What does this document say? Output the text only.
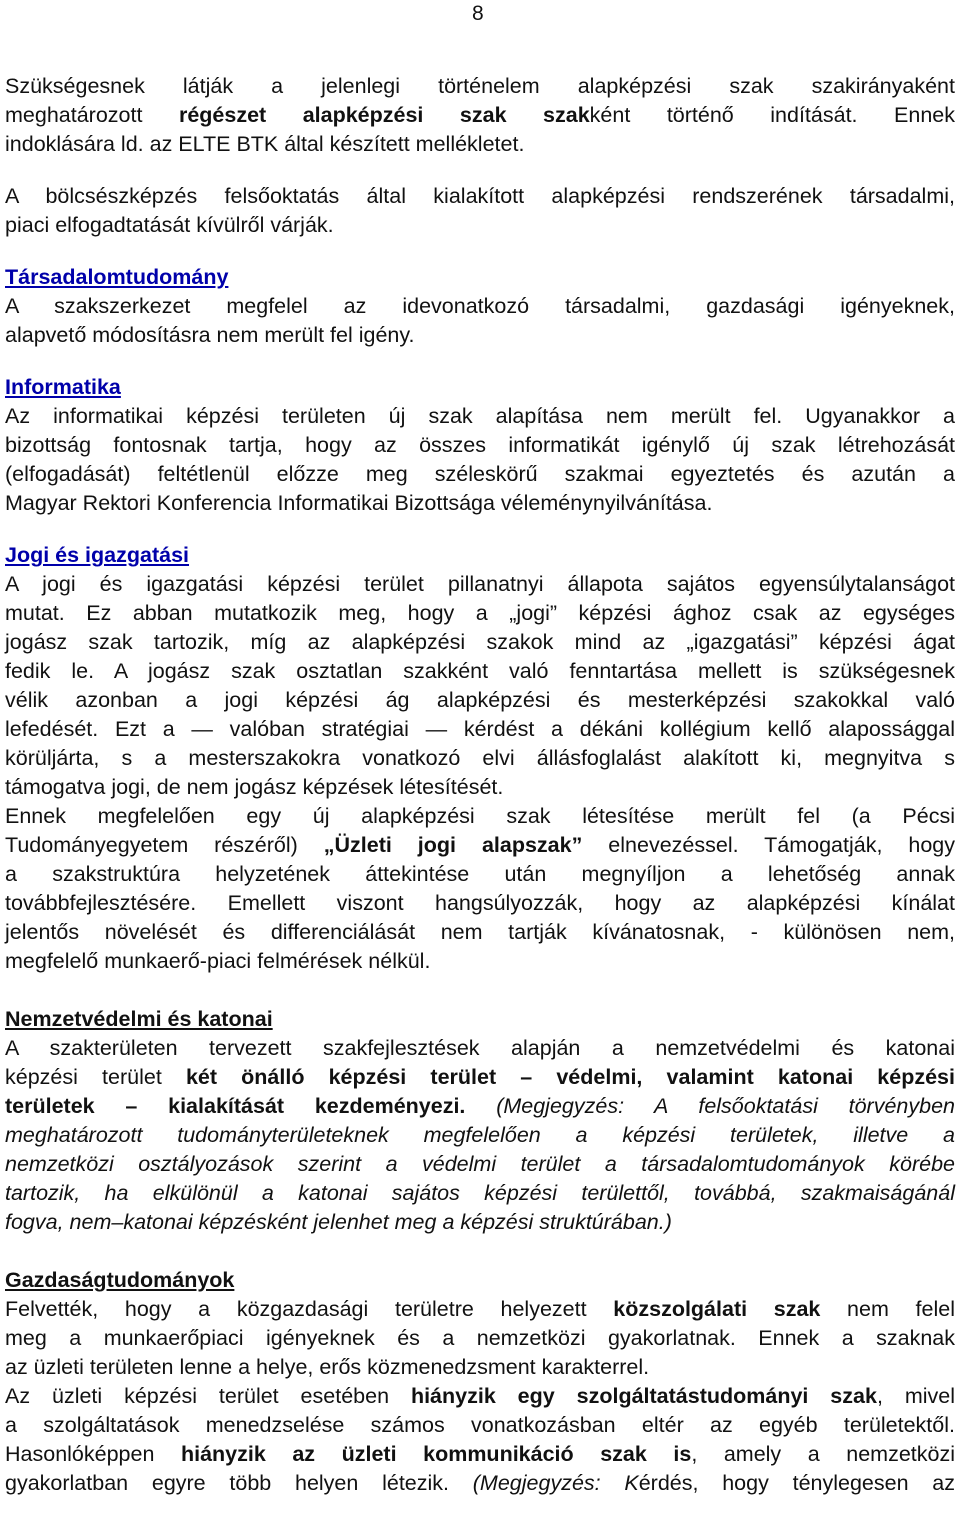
8

Szükségesnek látják a jelenlegi történelem alapképzési szak szakirányaként

meghatározott régészet alapképzési szak szakként történő indítását. Ennek

indoklására ld. az ELTE BTK által készített mellékletet.

A bölcsészképzés felsőoktatás által kialakított alapképzési rendszerének társadalmi,

piaci elfogadtatását kívülről várják.

Társadalomtudomány

A szakszerkezet megfelel az idevonatkozó társadalmi, gazdasági igényeknek,

alapvető módosításra nem merült fel igény.

Informatika

Az informatikai képzési területen új szak alapítása nem merült fel. Ugyanakkor a

bizottság fontosnak tartja, hogy az összes informatikát igénylő új szak létrehozását

(elfogadását) feltétlenül előzze meg széleskörű szakmai egyeztetés és azután a

Magyar Rektori Konferencia Informatikai Bizottsága véleménynyilvánítása.

Jogi és igazgatási

A jogi és igazgatási képzési terület pillanatnyi állapota sajátos egyensúlytalanságot

mutat. Ez abban mutatkozik meg, hogy a „jogi” képzési ághoz csak az egységes

jogász szak tartozik, míg az alapképzési szakok mind az „igazgatási” képzési ágat

fedik le. A jogász szak osztatlan szakként való fenntartása mellett is szükségesnek

vélik azonban a jogi képzési ág alapképzési és mesterképzési szakokkal való

lefedését. Ezt a — valóban stratégiai — kérdést a dékáni kollégium kellő alapossággal

körüljárta, s a mesterszakokra vonatkozó elvi állásfoglalást alakított ki, megnyitva s

támogatva jogi, de nem jogász képzések létesítését.

Ennek megfelelően egy új alapképzési szak létesítése merült fel (a Pécsi

Tudományegyetem részéről) „Üzleti jogi alapszak” elnevezéssel. Támogatják, hogy

a szakstruktúra helyzetének áttekintése után megnyíljon a lehetőség annak

továbbfejlesztésére. Emellett viszont hangsúlyozzák, hogy az alapképzési kínálat

jelentős növelését és differenciálását nem tartják kívánatosnak, - különösen nem,

megfelelő munkaerő-piaci felmérések nélkül.

Nemzetvédelmi és katonai

A szakterületen tervezett szakfejlesztések alapján a nemzetvédelmi és katonai

képzési terület két önálló képzési terület – védelmi, valamint katonai képzési

területek – kialakítását kezdeményezi. (Megjegyzés: A felsőoktatási törvényben

meghatározott tudományterületeknek megfelelően a képzési területek, illetve a

nemzetközi osztályozások szerint a védelmi terület a társadalomtudományok körébe

tartozik, ha elkülönül a katonai sajátos képzési területtől, továbbá, szakmaiságánál

fogva, nem–katonai képzésként jelenhet meg a képzési struktúrában.)

Gazdaságtudományok

Felvették, hogy a közgazdasági területre helyezett közszolgálati szak nem felel

meg a munkaerőpiaci igényeknek és a nemzetközi gyakorlatnak. Ennek a szaknak

az üzleti területen lenne a helye, erős közmenedzsment karakterrel.

Az üzleti képzési terület esetében hiányzik egy szolgáltatástudományi szak, mivel

a szolgáltatások menedzselése számos vonatkozásban eltér az egyéb területektől.

Hasonlóképpen hiányzik az üzleti kommunikáció szak is, amely a nemzetközi

gyakorlatban egyre több helyen létezik. (Megjegyzés: Kérdés, hogy ténylegesen az
